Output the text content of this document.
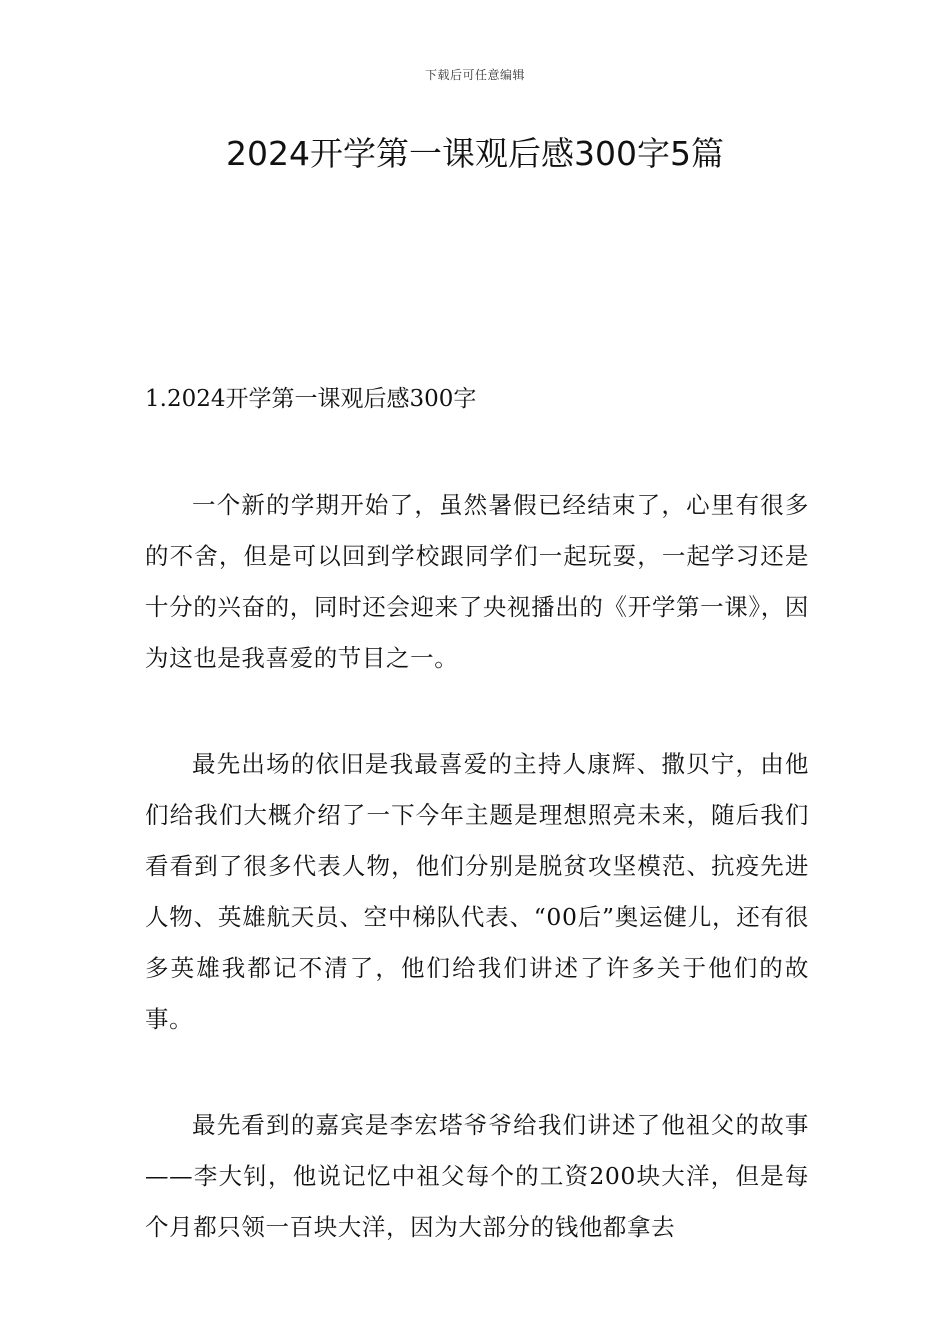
下载后可任意编辑
2024开学第一课观后感300字5篇

1.2024开学第一课观后感300字

一个新的学期开始了，虽然暑假已经结束了，心里有很多的不舍，但是可以回到学校跟同学们一起玩耍，一起学习还是十分的兴奋的，同时还会迎来了央视播出的《开学第一课》，因为这也是我喜爱的节目之一。

最先出场的依旧是我最喜爱的主持人康辉、撒贝宁，由他们给我们大概介绍了一下今年主题是理想照亮未来，随后我们看看到了很多代表人物，他们分别是脱贫攻坚模范、抗疫先进人物、英雄航天员、空中梯队代表、“00后”奥运健儿，还有很多英雄我都记不清了，他们给我们讲述了许多关于他们的故事。

最先看到的嘉宾是李宏塔爷爷给我们讲述了他祖父的故事——李大钊，他说记忆中祖父每个的工资200块大洋，但是每个月都只领一百块大洋，因为大部分的钱他都拿去
